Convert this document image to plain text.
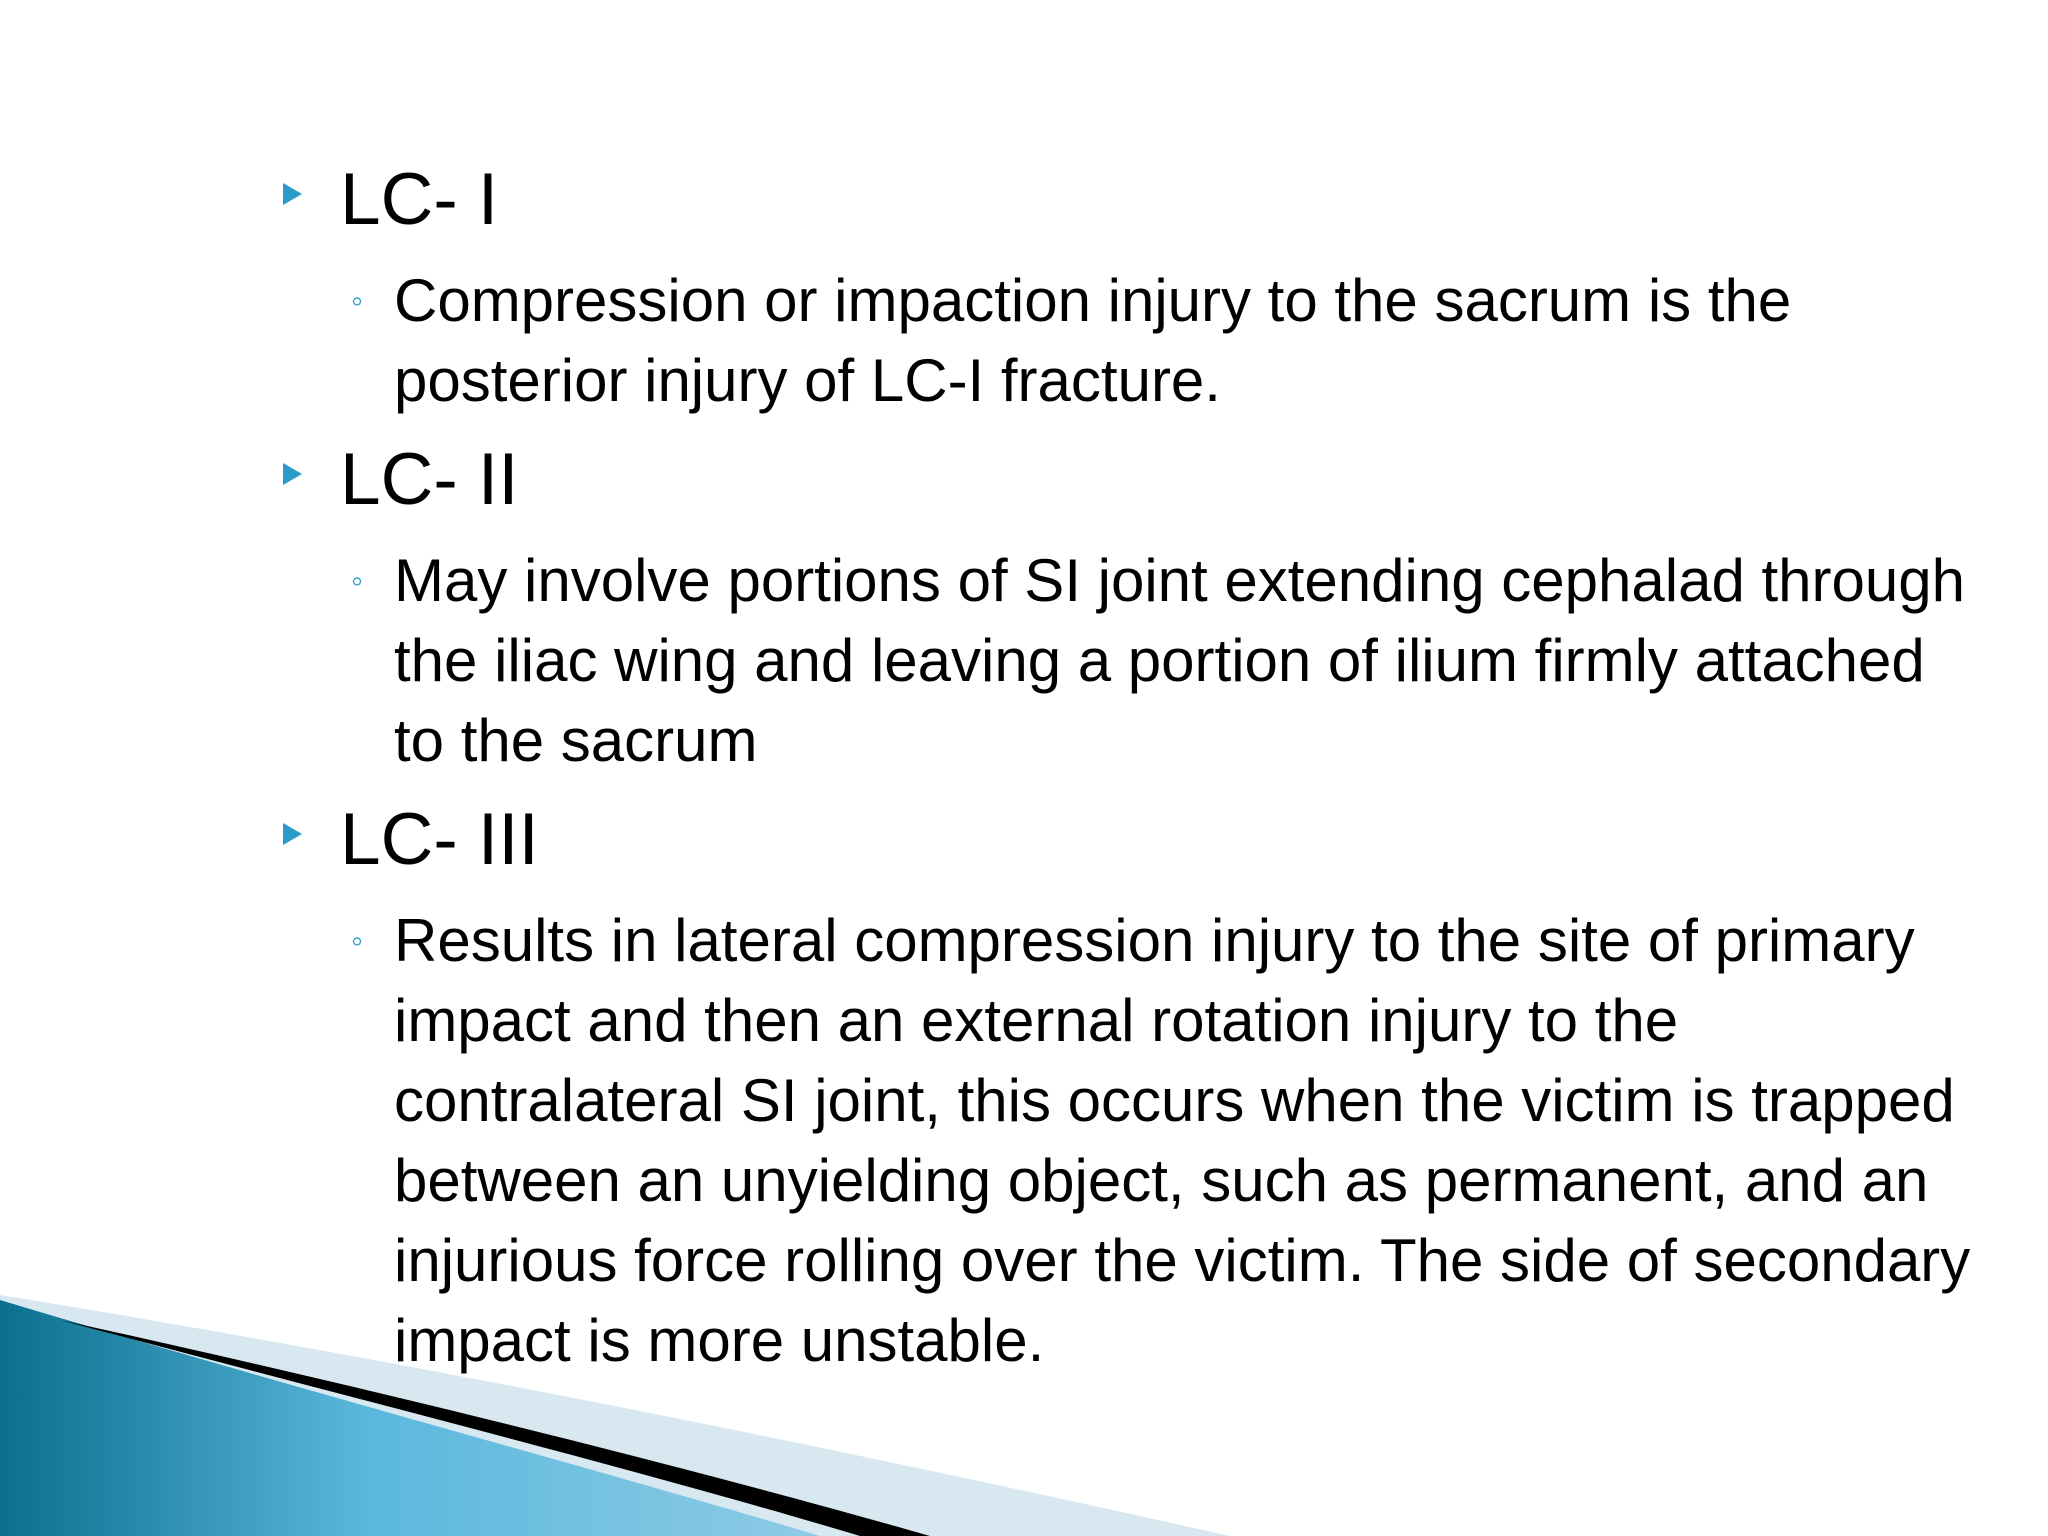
LC- I
◦ Compression or impaction injury to the sacrum is the posterior injury of LC-I fracture.
LC- II
◦ May involve portions of SI joint extending cephalad through the iliac wing and leaving a portion of ilium firmly attached to the sacrum
LC- III
◦ Results in lateral compression injury to the site of primary impact and then an external rotation injury to the contralateral SI joint, this occurs when the victim is trapped between an unyielding object, such as permanent, and an injurious force rolling over the victim. The side of secondary impact is more unstable.
